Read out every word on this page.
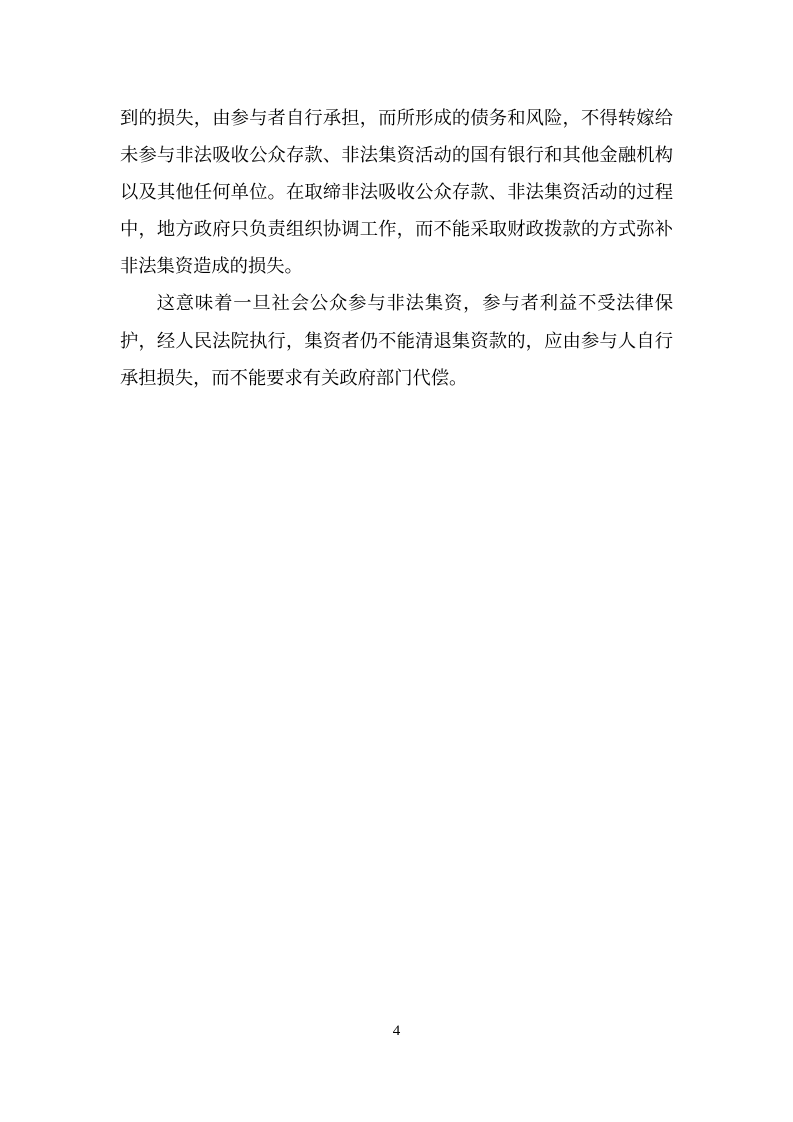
到的损失，由参与者自行承担，而所形成的债务和风险，不得转嫁给未参与非法吸收公众存款、非法集资活动的国有银行和其他金融机构以及其他任何单位。在取缔非法吸收公众存款、非法集资活动的过程中，地方政府只负责组织协调工作，而不能采取财政拨款的方式弥补非法集资造成的损失。

这意味着一旦社会公众参与非法集资，参与者利益不受法律保护，经人民法院执行，集资者仍不能清退集资款的，应由参与人自行承担损失，而不能要求有关政府部门代偿。

4
